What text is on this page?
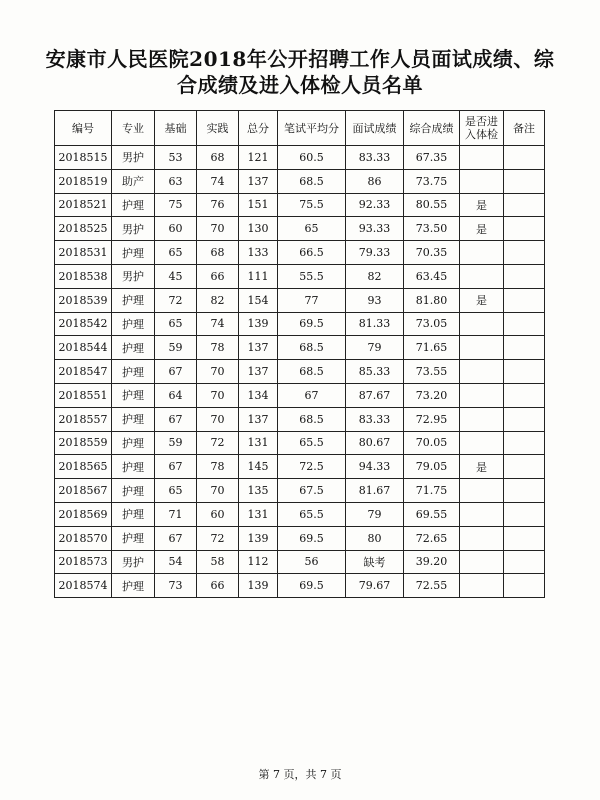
安康市人民医院2018年公开招聘工作人员面试成绩、综
合成绩及进入体检人员名单
编号	专业	基础	实践	总分	笔试平均分	面试成绩	综合成绩	是否进入体检	备注
2018515	男护	53	68	121	60.5	83.33	67.35		
2018519	助产	63	74	137	68.5	86	73.75		
2018521	护理	75	76	151	75.5	92.33	80.55	是	
2018525	男护	60	70	130	65	93.33	73.50	是	
2018531	护理	65	68	133	66.5	79.33	70.35		
2018538	男护	45	66	111	55.5	82	63.45		
2018539	护理	72	82	154	77	93	81.80	是	
2018542	护理	65	74	139	69.5	81.33	73.05		
2018544	护理	59	78	137	68.5	79	71.65		
2018547	护理	67	70	137	68.5	85.33	73.55		
2018551	护理	64	70	134	67	87.67	73.20		
2018557	护理	67	70	137	68.5	83.33	72.95		
2018559	护理	59	72	131	65.5	80.67	70.05		
2018565	护理	67	78	145	72.5	94.33	79.05	是	
2018567	护理	65	70	135	67.5	81.67	71.75		
2018569	护理	71	60	131	65.5	79	69.55		
2018570	护理	67	72	139	69.5	80	72.65		
2018573	男护	54	58	112	56	缺考	39.20		
2018574	护理	73	66	139	69.5	79.67	72.55		
第 7 页，共 7 页
